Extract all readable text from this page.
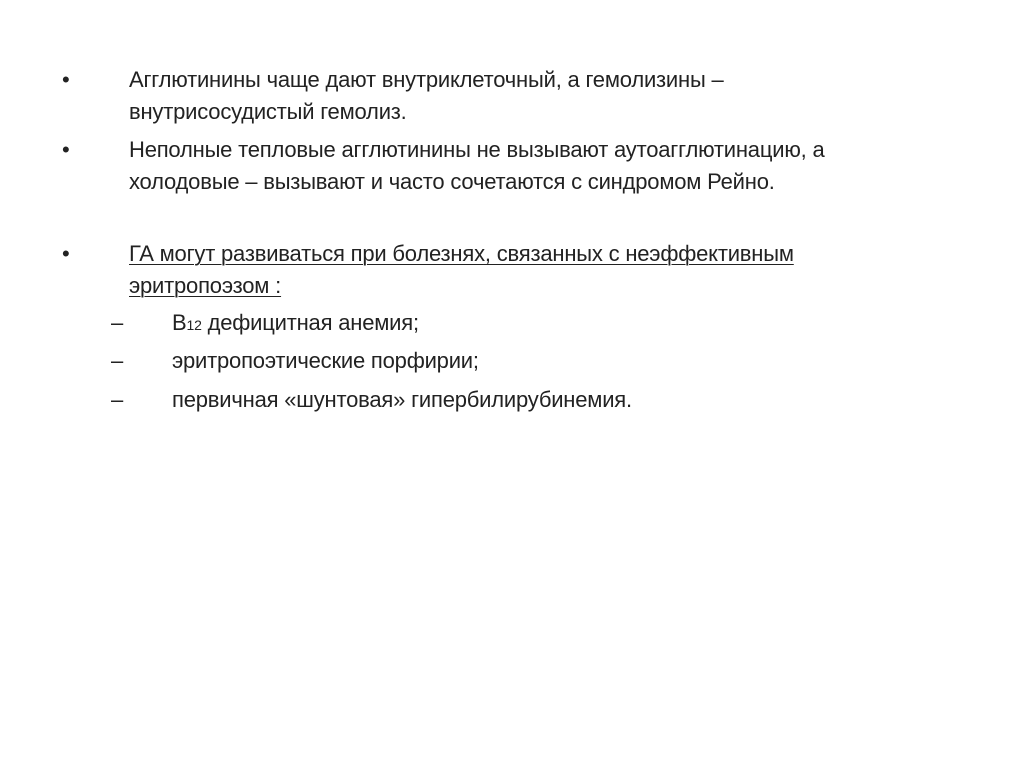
•	Агглютинины чаще дают внутриклеточный, а гемолизины –
внутрисосудистый гемолиз.
•	Неполные тепловые агглютинины не вызывают аутоагглютинацию, а
холодовые – вызывают и часто сочетаются с синдромом Рейно.
•	ГА могут развиваться при болезнях, связанных с неэффективным
эритропоэзом :
– В12 дефицитная анемия;
– эритропоэтические порфирии;
– первичная «шунтовая» гипербилирубинемия.
